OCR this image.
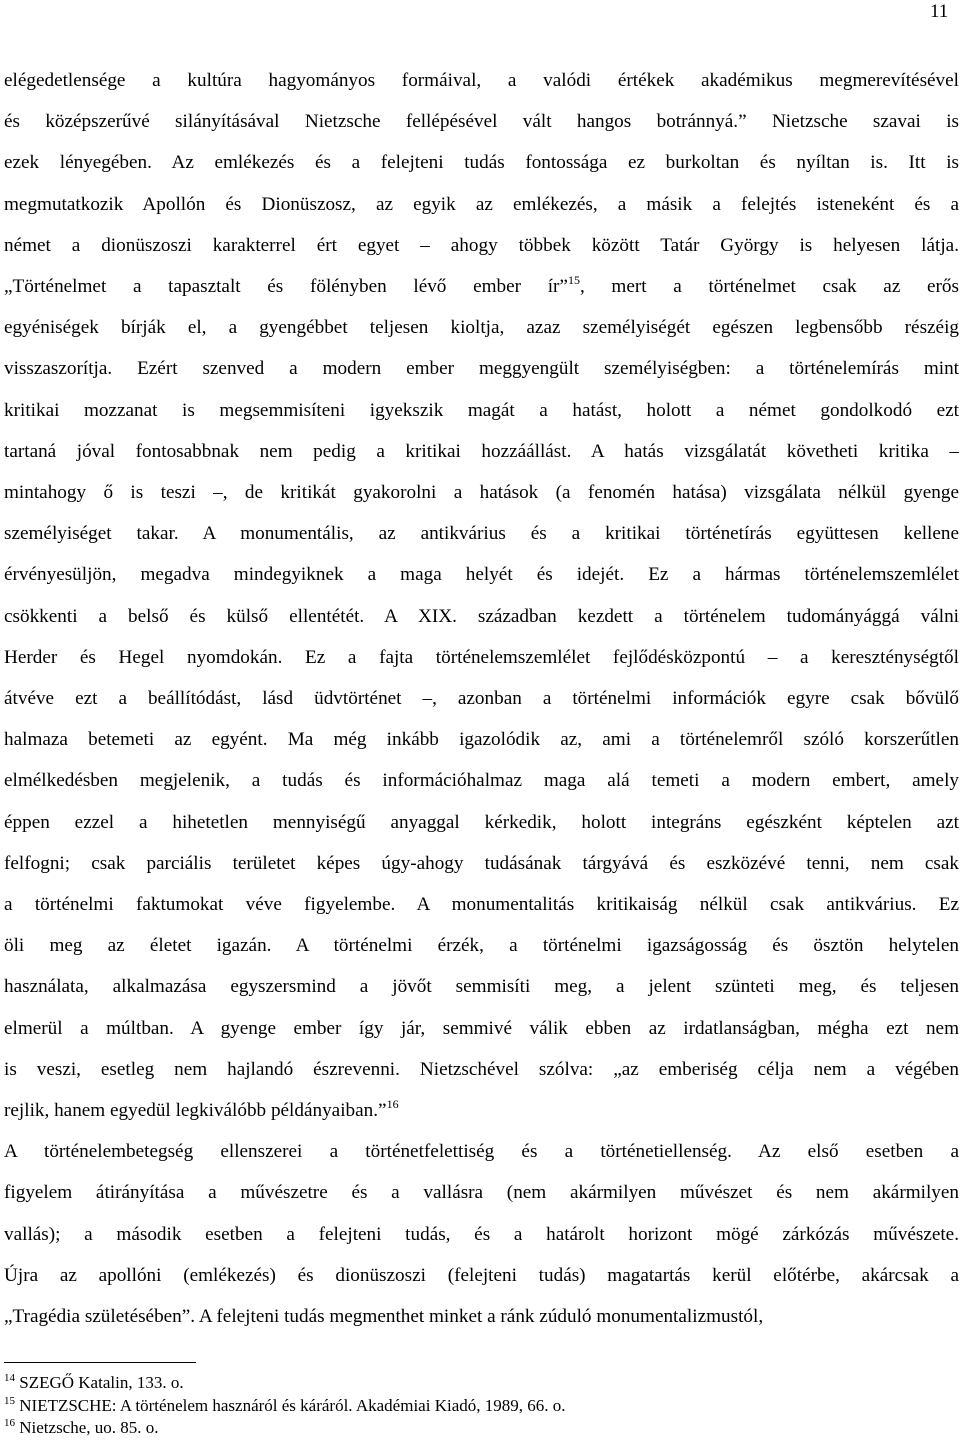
11
elégedetlensége a kultúra hagyományos formáival, a valódi értékek akadémikus megmerevítésével
és középszerűvé silányításával Nietzsche fellépésével vált hangos botránnyá.” Nietzsche szavai is
ezek lényegében. Az emlékezés és a felejteni tudás fontossága ez burkoltan és nyíltan is. Itt is
megmutatkozik Apollón és Dionüszosz, az egyik az emlékezés, a másik a felejtés isteneként és a
német a dionüszoszi karakterrel ért egyet – ahogy többek között Tatár György is helyesen látja.
„Történelmet a tapasztalt és fölényben lévő ember ír”$^{15}$, mert a történelmet csak az erős
egyéniségek bírják el, a gyengébbet teljesen kioltja, azaz személyiségét egészen legbensőbb részéig
visszaszorítja. Ezért szenved a modern ember meggyengült személyiségben: a történelemírás mint
kritikai mozzanat is megsemmisíteni igyekszik magát a hatást, holott a német gondolkodó ezt
tartaná jóval fontosabbnak nem pedig a kritikai hozzáállást. A hatás vizsgálatát követheti kritika –
mintahogy ő is teszi –, de kritikát gyakorolni a hatások (a fenomén hatása) vizsgálata nélkül gyenge
személyiséget takar. A monumentális, az antikvárius és a kritikai történetírás együttesen kellene
érvényesüljön, megadva mindegyiknek a maga helyét és idejét. Ez a hármas történelemszemlélet
csökkenti a belső és külső ellentétét. A XIX. században kezdett a történelem tudományággá válni
Herder és Hegel nyomdokán. Ez a fajta történelemszemlélet fejlődésközpontú – a kereszténységtől
átvéve ezt a beállítódást, lásd üdvtörténet –, azonban a történelmi információk egyre csak bővülő
halmaza betemeti az egyént. Ma még inkább igazolódik az, ami a történelemről szóló korszerűtlen
elmélkedésben megjelenik, a tudás és információhalmaz maga alá temeti a modern embert, amely
éppen ezzel a hihetetlen mennyiségű anyaggal kérkedik, holott integráns egészként képtelen azt
felfogni; csak parciális területet képes úgy-ahogy tudásának tárgyává és eszközévé tenni, nem csak
a történelmi faktumokat véve figyelembe. A monumentalitás kritikaiság nélkül csak antikvárius. Ez
öli meg az életet igazán. A történelmi érzék, a történelmi igazságosság és ösztön helytelen
használata, alkalmazása egyszersmind a jövőt semmisíti meg, a jelent szünteti meg, és teljesen
elmerül a múltban. A gyenge ember így jár, semmivé válik ebben az irdatlanságban, mégha ezt nem
is veszi, esetleg nem hajlandó észrevenni. Nietzschével szólva: „az emberiség célja nem a végében
rejlik, hanem egyedül legkiválóbb példányaiban.”$^{16}$
A történelembetegség ellenszerei a történetfelettiség és a történetiellenség. Az első esetben a
figyelem átirányítása a művészetre és a vallásra (nem akármilyen művészet és nem akármilyen
vallás); a második esetben a felejteni tudás, és a határolt horizont mögé zárkózás művészete.
Újra az apollóni (emlékezés) és dionüszoszi (felejteni tudás) magatartás kerül előtérbe, akárcsak a
„Tragédia születésében”. A felejteni tudás megmenthet minket a ránk zúduló monumentalizmustól,
$^{14}$ SZEGŐ Katalin, 133. o.
$^{15}$ NIETZSCHE: A történelem hasznáról és káráról. Akadémiai Kiadó, 1989, 66. o.
$^{16}$ Nietzsche, uo. 85. o.
